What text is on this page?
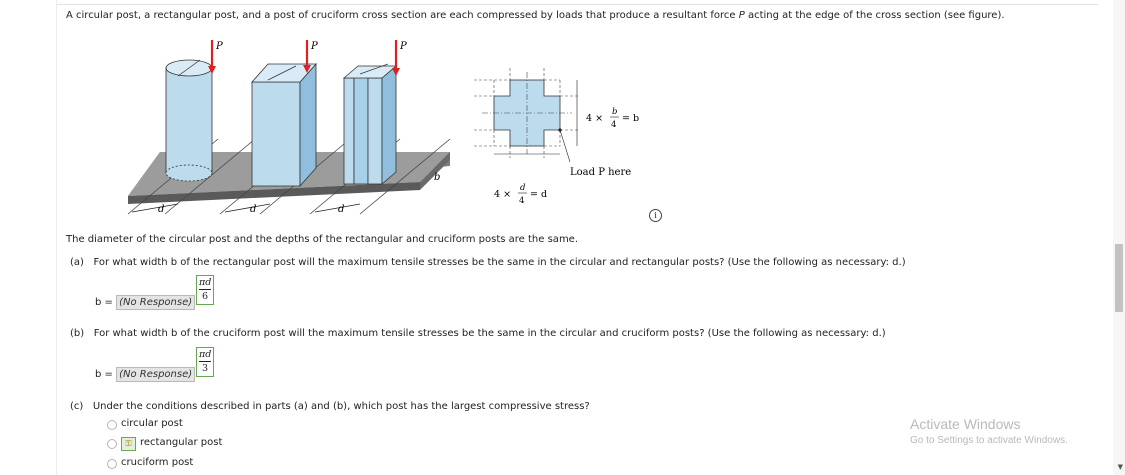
A circular post, a rectangular post, and a post of cruciform cross section are each compressed by loads that produce a resultant force P acting at the edge of the cross section (see figure).
P	P	P
d	d	d
b
4 ×
b
4
= b
4 ×
d
4
= d
Load P here
i
The diameter of the circular post and the depths of the rectangular and cruciform posts are the same.
(a) For what width b of the rectangular post will the maximum tensile stresses be the same in the circular and rectangular posts? (Use the following as necessary: d.)
b = (No Response) $\frac{\pi d}{6}$
(b) For what width b of the cruciform post will the maximum tensile stresses be the same in the circular and cruciform posts? (Use the following as necessary: d.)
b = (No Response) $\frac{\pi d}{3}$
(c) Under the conditions described in parts (a) and (b), which post has the largest compressive stress?
circular post
⚿ rectangular post
cruciform post
Activate Windows
Go to Settings to activate Windows.
▼
